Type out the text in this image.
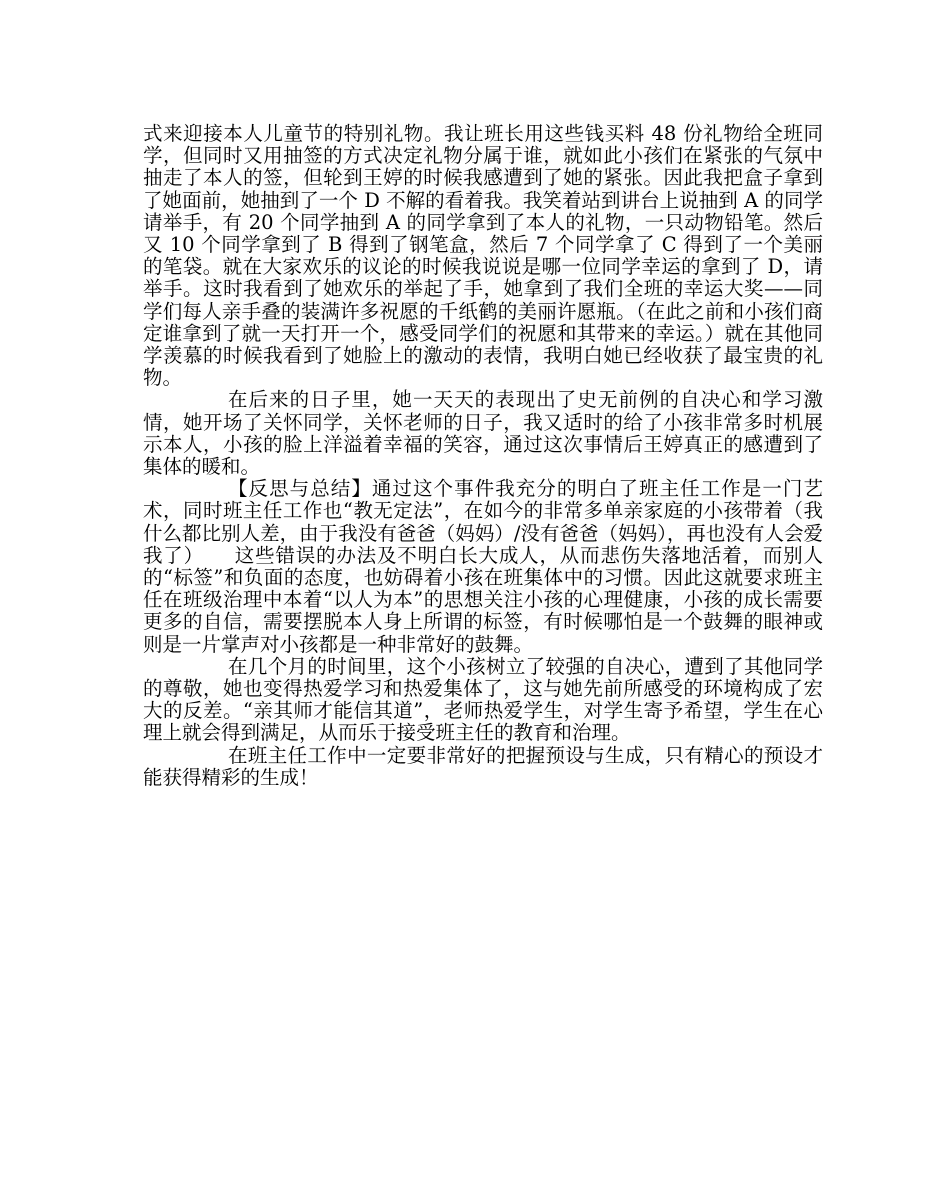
式来迎接本人儿童节的特别礼物。我让班长用这些钱买料 48 份礼物给全班同学，但同时又用抽签的方式决定礼物分属于谁，就如此小孩们在紧张的气氛中抽走了本人的签，但轮到王婷的时候我感遭到了她的紧张。因此我把盒子拿到了她面前，她抽到了一个 D 不解的看着我。我笑着站到讲台上说抽到 A 的同学请举手，有 20 个同学抽到 A 的同学拿到了本人的礼物，一只动物铅笔。然后又 10 个同学拿到了 B 得到了钢笔盒，然后 7 个同学拿了 C 得到了一个美丽的笔袋。就在大家欢乐的议论的时候我说说是哪一位同学幸运的拿到了 D，请举手。这时我看到了她欢乐的举起了手，她拿到了我们全班的幸运大奖——同学们每人亲手叠的装满许多祝愿的千纸鹤的美丽许愿瓶。（在此之前和小孩们商定谁拿到了就一天打开一个，感受同学们的祝愿和其带来的幸运。）就在其他同学羡慕的时候我看到了她脸上的激动的表情，我明白她已经收获了最宝贵的礼物。

在后来的日子里，她一天天的表现出了史无前例的自决心和学习激情，她开场了关怀同学，关怀老师的日子，我又适时的给了小孩非常多时机展示本人，小孩的脸上洋溢着幸福的笑容，通过这次事情后王婷真正的感遭到了集体的暖和。

【反思与总结】通过这个事件我充分的明白了班主任工作是一门艺术，同时班主任工作也“教无定法”，在如今的非常多单亲家庭的小孩带着（我什么都比别人差，由于我没有爸爸（妈妈）/没有爸爸（妈妈），再也没有人会爱我了）　　这些错误的办法及不明白长大成人，从而悲伤失落地活着，而别人的“标签”和负面的态度，也妨碍着小孩在班集体中的习惯。因此这就要求班主任在班级治理中本着“以人为本”的思想关注小孩的心理健康，小孩的成长需要更多的自信，需要摆脱本人身上所谓的标签，有时候哪怕是一个鼓舞的眼神或则是一片掌声对小孩都是一种非常好的鼓舞。

在几个月的时间里，这个小孩树立了较强的自决心，遭到了其他同学的尊敬，她也变得热爱学习和热爱集体了，这与她先前所感受的环境构成了宏大的反差。“亲其师才能信其道”，老师热爱学生，对学生寄予希望，学生在心理上就会得到满足，从而乐于接受班主任的教育和治理。

在班主任工作中一定要非常好的把握预设与生成，只有精心的预设才能获得精彩的生成！
